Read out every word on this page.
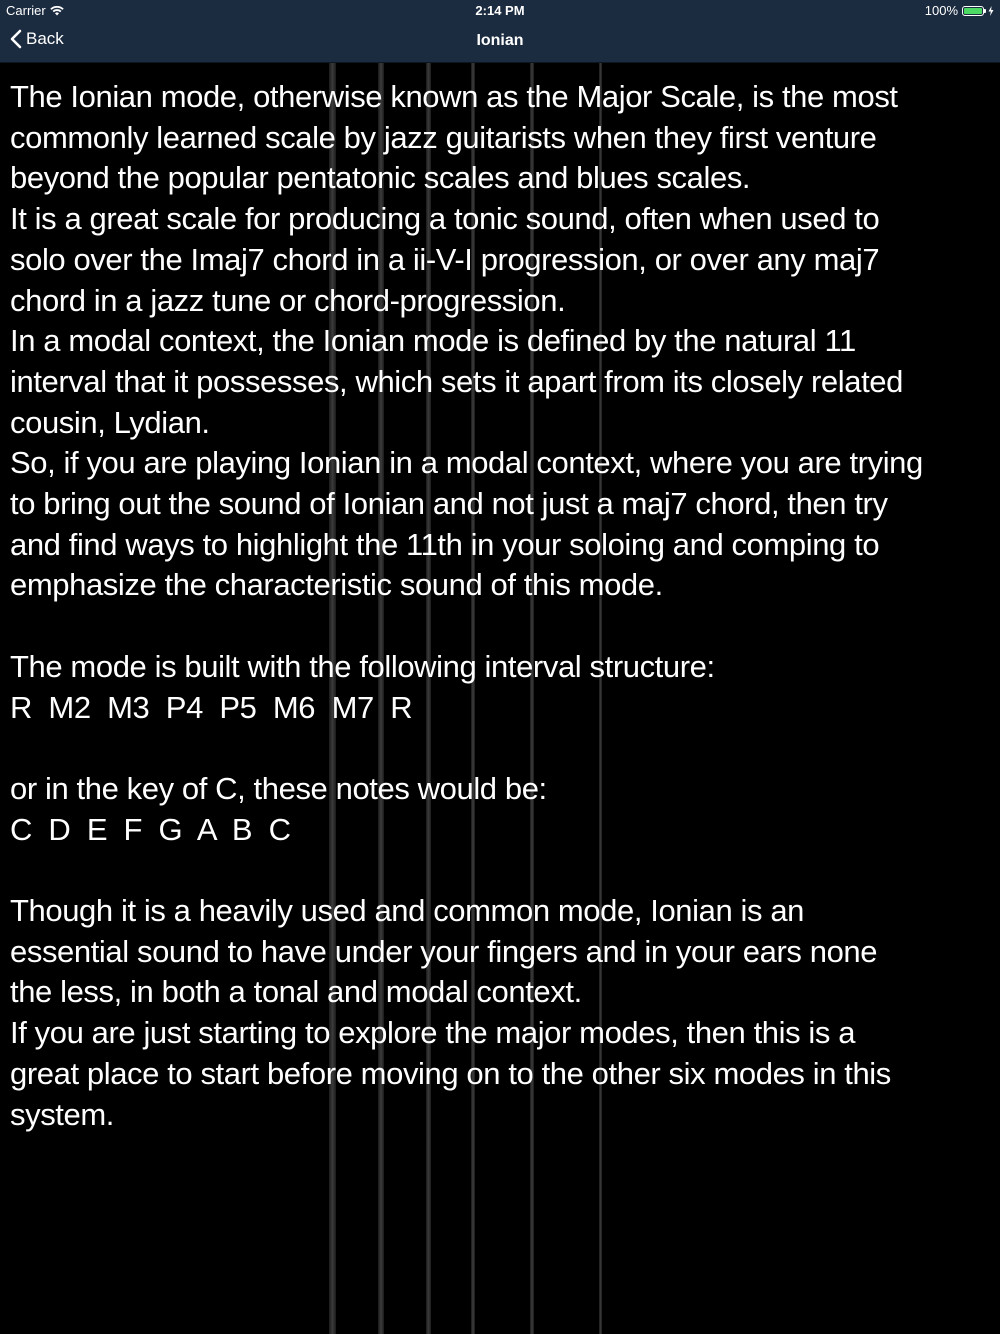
Carrier	2:14 PM	100%
Back	Ionian

The Ionian mode, otherwise known as the Major Scale, is the most

commonly learned scale by jazz guitarists when they first venture

beyond the popular pentatonic scales and blues scales.

It is a great scale for producing a tonic sound, often when used to

solo over the Imaj7 chord in a ii-V-I progression, or over any maj7

chord in a jazz tune or chord-progression.

In a modal context, the Ionian mode is defined by the natural 11

interval that it possesses, which sets it apart from its closely related

cousin, Lydian.

So, if you are playing Ionian in a modal context, where you are trying

to bring out the sound of Ionian and not just a maj7 chord, then try

and find ways to highlight the 11th in your soloing and comping to

emphasize the characteristic sound of this mode.

The mode is built with the following interval structure:

R  M2  M3  P4  P5  M6  M7  R

or in the key of C, these notes would be:

C  D  E  F  G  A  B  C

Though it is a heavily used and common mode, Ionian is an

essential sound to have under your fingers and in your ears none

the less, in both a tonal and modal context.

If you are just starting to explore the major modes, then this is a

great place to start before moving on to the other six modes in this

system.
